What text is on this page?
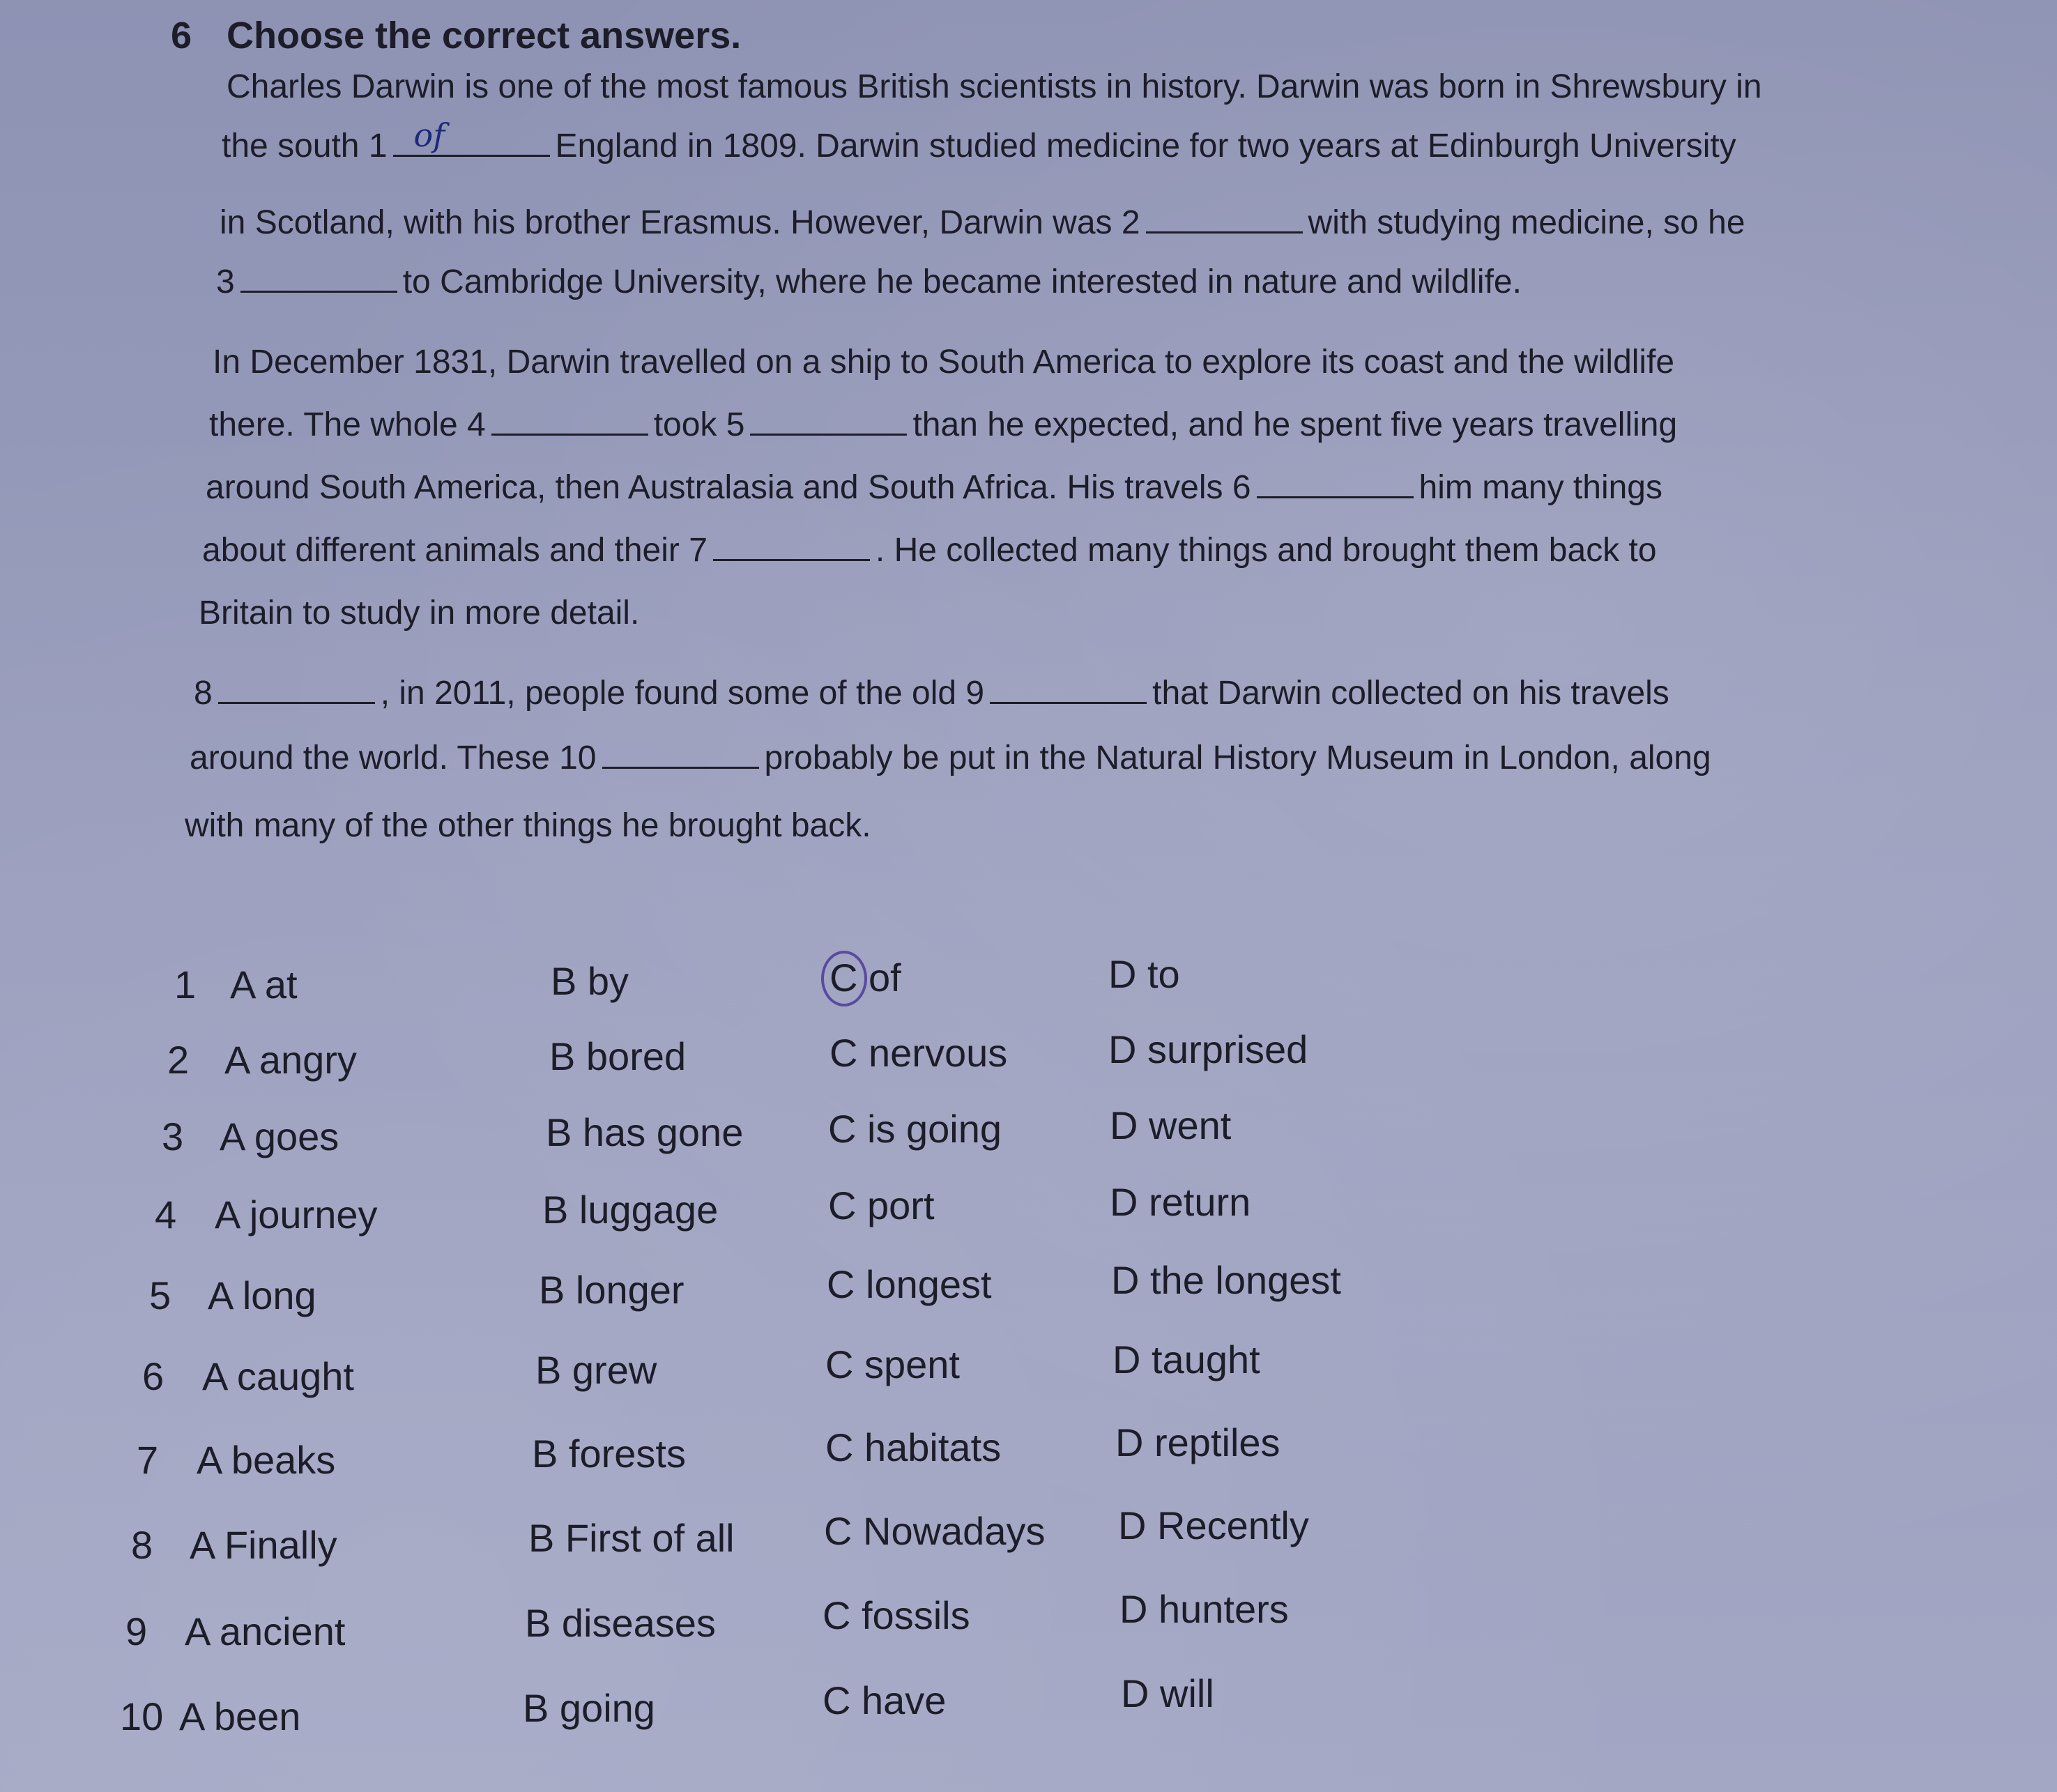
6 Choose the correct answers.
Charles Darwin is one of the most famous British scientists in history. Darwin was born in Shrewsbury in
the south 1 of	England in 1809. Darwin studied medicine for two years at Edinburgh University
in Scotland, with his brother Erasmus. However, Darwin was 2	with studying medicine, so he
3	to Cambridge University, where he became interested in nature and wildlife.
In December 1831, Darwin travelled on a ship to South America to explore its coast and the wildlife
there. The whole 4	took 5	than he expected, and he spent five years travelling
around South America, then Australasia and South Africa. His travels 6	him many things
about different animals and their 7	. He collected many things and brought them back to
Britain to study in more detail.
8	, in 2011, people found some of the old 9	that Darwin collected on his travels
around the world. These 10	probably be put in the Natural History Museum in London, along
with many of the other things he brought back.
1 A at	B by	C of	D to
2 A angry	B bored	C nervous	D surprised
3 A goes	B has gone C is going	D went
4 A journey	B luggage	C port	D return
5 A long	B longer	C longest	D the longest
6 A caught	B grew	C spent	D taught
7 A beaks	B forests	C habitats	D reptiles
8 A Finally	B First of all C Nowadays D Recently
9 A ancient	B diseases	C fossils	D hunters
10 A been	B going	C have	D will
